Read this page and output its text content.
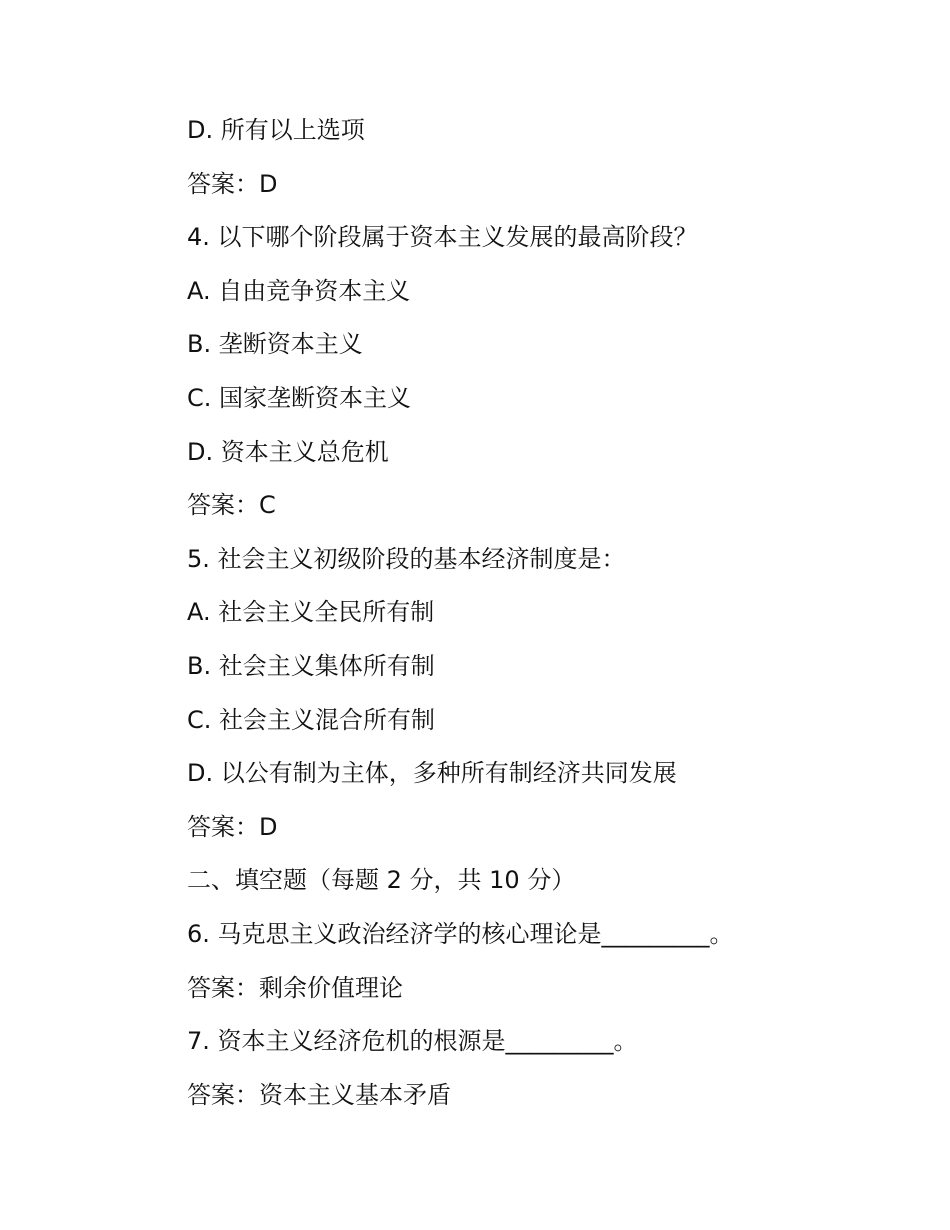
D. 所有以上选项
答案：D
4. 以下哪个阶段属于资本主义发展的最高阶段？
A. 自由竞争资本主义
B. 垄断资本主义
C. 国家垄断资本主义
D. 资本主义总危机
答案：C
5. 社会主义初级阶段的基本经济制度是：
A. 社会主义全民所有制
B. 社会主义集体所有制
C. 社会主义混合所有制
D. 以公有制为主体，多种所有制经济共同发展
答案：D
二、填空题（每题 2 分，共 10 分）
6. 马克思主义政治经济学的核心理论是_________。
答案：剩余价值理论
7. 资本主义经济危机的根源是_________。
答案：资本主义基本矛盾
